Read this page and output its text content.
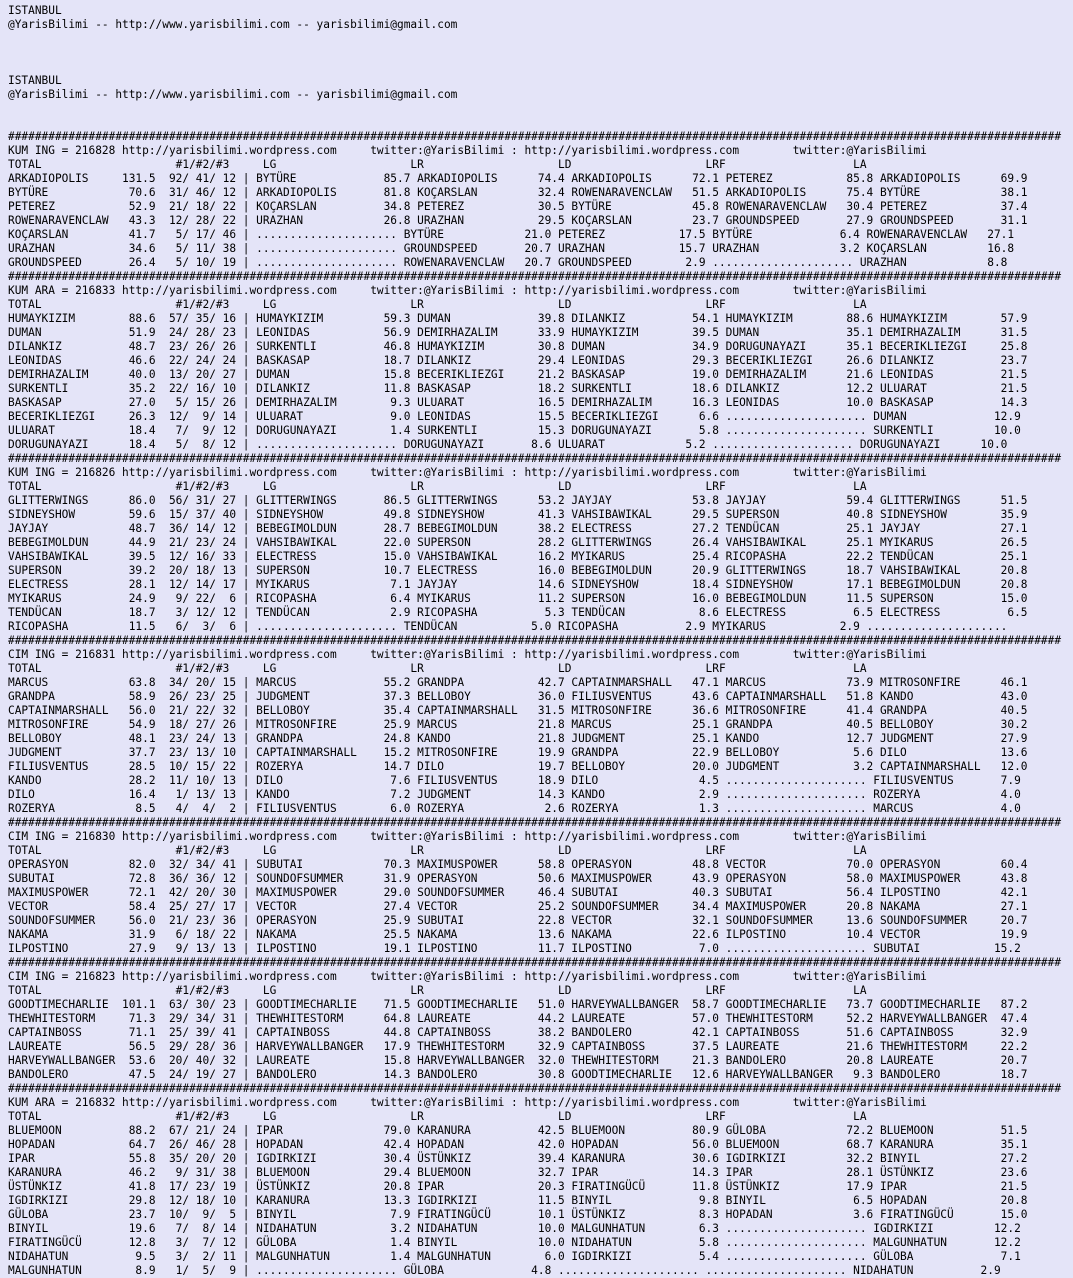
ISTANBUL
@YarisBilimi -- http://www.yarisbilimi.com -- yarisbilimi@gmail.com

ISTANBUL
@YarisBilimi -- http://www.yarisbilimi.com -- yarisbilimi@gmail.com

#############################################################################################################################################################
KUM ING = 216828 http://yarisbilimi.wordpress.com     twitter:@YarisBilimi : http://yarisbilimi.wordpress.com        twitter:@YarisBilimi
TOTAL                    #1/#2/#3     LG                    LR                    LD                    LRF                   LA
ARKADIOPOLIS     131.5  92/ 41/ 12 | BYTÜRE             85.7 ARKADIOPOLIS      74.4 ARKADIOPOLIS      72.1 PETEREZ           85.8 ARKADIOPOLIS      69.9
BYTÜRE            70.6  31/ 46/ 12 | ARKADIOPOLIS       81.8 KOÇARSLAN         32.4 ROWENARAVENCLAW   51.5 ARKADIOPOLIS      75.4 BYTÜRE            38.1
PETEREZ           52.9  21/ 18/ 22 | KOÇARSLAN          34.8 PETEREZ           30.5 BYTÜRE            45.8 ROWENARAVENCLAW   30.4 PETEREZ           37.4
ROWENARAVENCLAW   43.3  12/ 28/ 22 | URAZHAN            26.8 URAZHAN           29.5 KOÇARSLAN         23.7 GROUNDSPEED       27.9 GROUNDSPEED       31.1
KOÇARSLAN         41.7   5/ 17/ 46 | ..................... BYTÜRE            21.0 PETEREZ           17.5 BYTÜRE             6.4 ROWENARAVENCLAW   27.1
URAZHAN           34.6   5/ 11/ 38 | ..................... GROUNDSPEED       20.7 URAZHAN           15.7 URAZHAN            3.2 KOÇARSLAN         16.8
GROUNDSPEED       26.4   5/ 10/ 19 | ..................... ROWENARAVENCLAW   20.7 GROUNDSPEED        2.9 ..................... URAZHAN            8.8
#############################################################################################################################################################
KUM ARA = 216833 http://yarisbilimi.wordpress.com     twitter:@YarisBilimi : http://yarisbilimi.wordpress.com        twitter:@YarisBilimi
TOTAL                    #1/#2/#3     LG                    LR                    LD                    LRF                   LA
HUMAYKIZIM        88.6  57/ 35/ 16 | HUMAYKIZIM         59.3 DUMAN             39.8 DILANKIZ          54.1 HUMAYKIZIM        88.6 HUMAYKIZIM        57.9
DUMAN             51.9  24/ 28/ 23 | LEONIDAS           56.9 DEMIRHAZALIM      33.9 HUMAYKIZIM        39.5 DUMAN             35.1 DEMIRHAZALIM      31.5
DILANKIZ          48.7  23/ 26/ 26 | SURKENTLI          46.8 HUMAYKIZIM        30.8 DUMAN             34.9 DORUGUNAYAZI      35.1 BECERIKLIEZGI     25.8
LEONIDAS          46.6  22/ 24/ 24 | BASKASAP           18.7 DILANKIZ          29.4 LEONIDAS          29.3 BECERIKLIEZGI     26.6 DILANKIZ          23.7
DEMIRHAZALIM      40.0  13/ 20/ 27 | DUMAN              15.8 BECERIKLIEZGI     21.2 BASKASAP          19.0 DEMIRHAZALIM      21.6 LEONIDAS          21.5
SURKENTLI         35.2  22/ 16/ 10 | DILANKIZ           11.8 BASKASAP          18.2 SURKENTLI         18.6 DILANKIZ          12.2 ULUARAT           21.5
BASKASAP          27.0   5/ 15/ 26 | DEMIRHAZALIM        9.3 ULUARAT           16.5 DEMIRHAZALIM      16.3 LEONIDAS          10.0 BASKASAP          14.3
BECERIKLIEZGI     26.3  12/  9/ 14 | ULUARAT             9.0 LEONIDAS          15.5 BECERIKLIEZGI      6.6 ..................... DUMAN             12.9
ULUARAT           18.4   7/  9/ 12 | DORUGUNAYAZI        1.4 SURKENTLI         15.3 DORUGUNAYAZI       5.8 ..................... SURKENTLI         10.0
DORUGUNAYAZI      18.4   5/  8/ 12 | ..................... DORUGUNAYAZI       8.6 ULUARAT            5.2 ..................... DORUGUNAYAZI      10.0
#############################################################################################################################################################
KUM ING = 216826 http://yarisbilimi.wordpress.com     twitter:@YarisBilimi : http://yarisbilimi.wordpress.com        twitter:@YarisBilimi
TOTAL                    #1/#2/#3     LG                    LR                    LD                    LRF                   LA
GLITTERWINGS      86.0  56/ 31/ 27 | GLITTERWINGS       86.5 GLITTERWINGS      53.2 JAYJAY            53.8 JAYJAY            59.4 GLITTERWINGS      51.5
SIDNEYSHOW        59.6  15/ 37/ 40 | SIDNEYSHOW         49.8 SIDNEYSHOW        41.3 VAHSIBAWIKAL      29.5 SUPERSON          40.8 SIDNEYSHOW        35.9
JAYJAY            48.7  36/ 14/ 12 | BEBEGIMOLDUN       28.7 BEBEGIMOLDUN      38.2 ELECTRESS         27.2 TENDÜCAN          25.1 JAYJAY            27.1
BEBEGIMOLDUN      44.9  21/ 23/ 24 | VAHSIBAWIKAL       22.0 SUPERSON          28.2 GLITTERWINGS      26.4 VAHSIBAWIKAL      25.1 MYIKARUS          26.5
VAHSIBAWIKAL      39.5  12/ 16/ 33 | ELECTRESS          15.0 VAHSIBAWIKAL      16.2 MYIKARUS          25.4 RICOPASHA         22.2 TENDÜCAN          25.1
SUPERSON          39.2  20/ 18/ 13 | SUPERSON           10.7 ELECTRESS         16.0 BEBEGIMOLDUN      20.9 GLITTERWINGS      18.7 VAHSIBAWIKAL      20.8
ELECTRESS         28.1  12/ 14/ 17 | MYIKARUS            7.1 JAYJAY            14.6 SIDNEYSHOW        18.4 SIDNEYSHOW        17.1 BEBEGIMOLDUN      20.8
MYIKARUS          24.9   9/ 22/  6 | RICOPASHA           6.4 MYIKARUS          11.2 SUPERSON          16.0 BEBEGIMOLDUN      11.5 SUPERSON          15.0
TENDÜCAN          18.7   3/ 12/ 12 | TENDÜCAN            2.9 RICOPASHA          5.3 TENDÜCAN           8.6 ELECTRESS          6.5 ELECTRESS          6.5
RICOPASHA         11.5   6/  3/  6 | ..................... TENDÜCAN           5.0 RICOPASHA          2.9 MYIKARUS           2.9 .....................
#############################################################################################################################################################
CIM ING = 216831 http://yarisbilimi.wordpress.com     twitter:@YarisBilimi : http://yarisbilimi.wordpress.com        twitter:@YarisBilimi
TOTAL                    #1/#2/#3     LG                    LR                    LD                    LRF                   LA
MARCUS            63.8  34/ 20/ 15 | MARCUS             55.2 GRANDPA           42.7 CAPTAINMARSHALL   47.1 MARCUS            73.9 MITROSONFIRE      46.1
GRANDPA           58.9  26/ 23/ 25 | JUDGMENT           37.3 BELLOBOY          36.0 FILIUSVENTUS      43.6 CAPTAINMARSHALL   51.8 KANDO             43.0
CAPTAINMARSHALL   56.0  21/ 22/ 32 | BELLOBOY           35.4 CAPTAINMARSHALL   31.5 MITROSONFIRE      36.6 MITROSONFIRE      41.4 GRANDPA           40.5
MITROSONFIRE      54.9  18/ 27/ 26 | MITROSONFIRE       25.9 MARCUS            21.8 MARCUS            25.1 GRANDPA           40.5 BELLOBOY          30.2
BELLOBOY          48.1  23/ 24/ 13 | GRANDPA            24.8 KANDO             21.8 JUDGMENT          25.1 KANDO             12.7 JUDGMENT          27.9
JUDGMENT          37.7  23/ 13/ 10 | CAPTAINMARSHALL    15.2 MITROSONFIRE      19.9 GRANDPA           22.9 BELLOBOY           5.6 DILO              13.6
FILIUSVENTUS      28.5  10/ 15/ 22 | ROZERYA            14.7 DILO              19.7 BELLOBOY          20.0 JUDGMENT           3.2 CAPTAINMARSHALL   12.0
KANDO             28.2  11/ 10/ 13 | DILO                7.6 FILIUSVENTUS      18.9 DILO               4.5 ..................... FILIUSVENTUS       7.9
DILO              16.4   1/ 13/ 13 | KANDO               7.2 JUDGMENT          14.3 KANDO              2.9 ..................... ROZERYA            4.0
ROZERYA            8.5   4/  4/  2 | FILIUSVENTUS        6.0 ROZERYA            2.6 ROZERYA            1.3 ..................... MARCUS             4.0
#############################################################################################################################################################
CIM ING = 216830 http://yarisbilimi.wordpress.com     twitter:@YarisBilimi : http://yarisbilimi.wordpress.com        twitter:@YarisBilimi
TOTAL                    #1/#2/#3     LG                    LR                    LD                    LRF                   LA
OPERASYON         82.0  32/ 34/ 41 | SUBUTAI            70.3 MAXIMUSPOWER      58.8 OPERASYON         48.8 VECTOR            70.0 OPERASYON         60.4
SUBUTAI           72.8  36/ 36/ 12 | SOUNDOFSUMMER      31.9 OPERASYON         50.6 MAXIMUSPOWER      43.9 OPERASYON         58.0 MAXIMUSPOWER      43.8
MAXIMUSPOWER      72.1  42/ 20/ 30 | MAXIMUSPOWER       29.0 SOUNDOFSUMMER     46.4 SUBUTAI           40.3 SUBUTAI           56.4 ILPOSTINO         42.1
VECTOR            58.4  25/ 27/ 17 | VECTOR             27.4 VECTOR            25.2 SOUNDOFSUMMER     34.4 MAXIMUSPOWER      20.8 NAKAMA            27.1
SOUNDOFSUMMER     56.0  21/ 23/ 36 | OPERASYON          25.9 SUBUTAI           22.8 VECTOR            32.1 SOUNDOFSUMMER     13.6 SOUNDOFSUMMER     20.7
NAKAMA            31.9   6/ 18/ 22 | NAKAMA             25.5 NAKAMA            13.6 NAKAMA            22.6 ILPOSTINO         10.4 VECTOR            19.9
ILPOSTINO         27.9   9/ 13/ 13 | ILPOSTINO          19.1 ILPOSTINO         11.7 ILPOSTINO          7.0 ..................... SUBUTAI           15.2
#############################################################################################################################################################
CIM ING = 216823 http://yarisbilimi.wordpress.com     twitter:@YarisBilimi : http://yarisbilimi.wordpress.com        twitter:@YarisBilimi
TOTAL                    #1/#2/#3     LG                    LR                    LD                    LRF                   LA
GOODTIMECHARLIE  101.1  63/ 30/ 23 | GOODTIMECHARLIE    71.5 GOODTIMECHARLIE   51.0 HARVEYWALLBANGER  58.7 GOODTIMECHARLIE   73.7 GOODTIMECHARLIE   87.2
THEWHITESTORM     71.3  29/ 34/ 31 | THEWHITESTORM      64.8 LAUREATE          44.2 LAUREATE          57.0 THEWHITESTORM     52.2 HARVEYWALLBANGER  47.4
CAPTAINBOSS       71.1  25/ 39/ 41 | CAPTAINBOSS        44.8 CAPTAINBOSS       38.2 BANDOLERO         42.1 CAPTAINBOSS       51.6 CAPTAINBOSS       32.9
LAUREATE          56.5  29/ 28/ 36 | HARVEYWALLBANGER   17.9 THEWHITESTORM     32.9 CAPTAINBOSS       37.5 LAUREATE          21.6 THEWHITESTORM     22.2
HARVEYWALLBANGER  53.6  20/ 40/ 32 | LAUREATE           15.8 HARVEYWALLBANGER  32.0 THEWHITESTORM     21.3 BANDOLERO         20.8 LAUREATE          20.7
BANDOLERO         47.5  24/ 19/ 27 | BANDOLERO          14.3 BANDOLERO         30.8 GOODTIMECHARLIE   12.6 HARVEYWALLBANGER   9.3 BANDOLERO         18.7
#############################################################################################################################################################
KUM ARA = 216832 http://yarisbilimi.wordpress.com     twitter:@YarisBilimi : http://yarisbilimi.wordpress.com        twitter:@YarisBilimi
TOTAL                    #1/#2/#3     LG                    LR                    LD                    LRF                   LA
BLUEMOON          88.2  67/ 21/ 24 | IPAR               79.0 KARANURA          42.5 BLUEMOON          80.9 GÜLOBA            72.2 BLUEMOON          51.5
HOPADAN           64.7  26/ 46/ 28 | HOPADAN            42.4 HOPADAN           42.0 HOPADAN           56.0 BLUEMOON          68.7 KARANURA          35.1
IPAR              55.8  35/ 20/ 20 | IGDIRKIZI          30.4 ÜSTÜNKIZ          39.4 KARANURA          30.6 IGDIRKIZI         32.2 BINYIL            27.2
KARANURA          46.2   9/ 31/ 38 | BLUEMOON           29.4 BLUEMOON          32.7 IPAR              14.3 IPAR              28.1 ÜSTÜNKIZ          23.6
ÜSTÜNKIZ          41.8  17/ 23/ 19 | ÜSTÜNKIZ           20.8 IPAR              20.3 FIRATINGÜCÜ       11.8 ÜSTÜNKIZ          17.9 IPAR              21.5
IGDIRKIZI         29.8  12/ 18/ 10 | KARANURA           13.3 IGDIRKIZI         11.5 BINYIL             9.8 BINYIL             6.5 HOPADAN           20.8
GÜLOBA            23.7  10/  9/  5 | BINYIL              7.9 FIRATINGÜCÜ       10.1 ÜSTÜNKIZ           8.3 HOPADAN            3.6 FIRATINGÜCÜ       15.0
BINYIL            19.6   7/  8/ 14 | NIDAHATUN           3.2 NIDAHATUN         10.0 MALGUNHATUN        6.3 ..................... IGDIRKIZI         12.2
FIRATINGÜCÜ       12.8   3/  7/ 12 | GÜLOBA              1.4 BINYIL            10.0 NIDAHATUN          5.8 ..................... MALGUNHATUN       12.2
NIDAHATUN          9.5   3/  2/ 11 | MALGUNHATUN         1.4 MALGUNHATUN        6.0 IGDIRKIZI          5.4 ..................... GÜLOBA             7.1
MALGUNHATUN        8.9   1/  5/  9 | ..................... GÜLOBA             4.8 ..................... ..................... NIDAHATUN          2.9
